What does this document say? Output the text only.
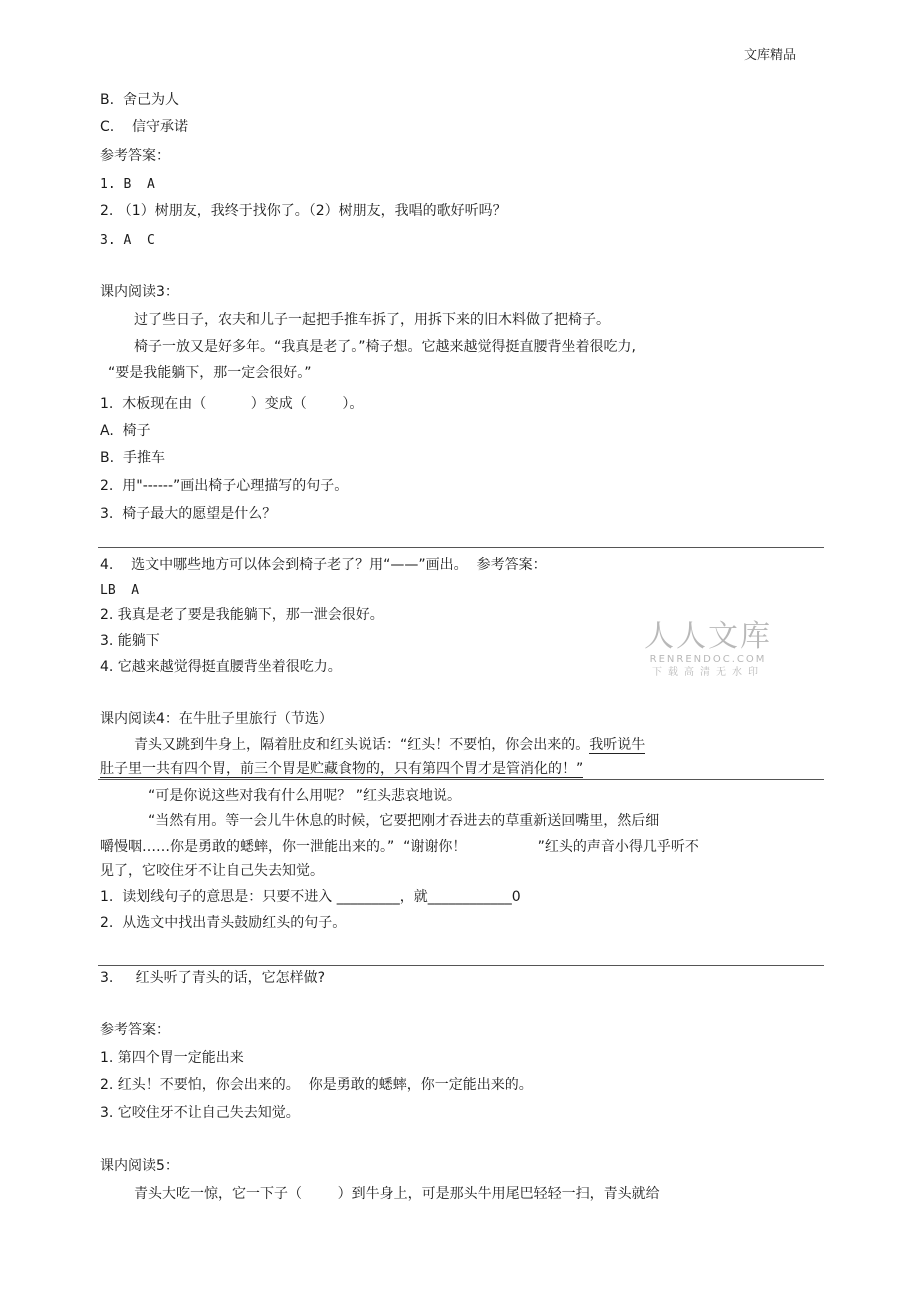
文库精品
B.  舍己为人
C.    信守承诺
参考答案：
1. B  A
2. （1）树朋友，我终于找你了。（2）树朋友，我唱的歌好听吗？
3. A  C
课内阅读3：
过了些日子，农夫和儿子一起把手推车拆了，用拆下来的旧木料做了把椅子。
椅子一放又是好多年。“我真是老了。”椅子想。它越来越觉得挺直腰背坐着很吃力,
“要是我能躺下，那一定会很好。”
1.  木板现在由（          ）变成（        ）。
A.  椅子
B.  手推车
2.  用"------”画出椅子心理描写的句子。
3.  椅子最大的愿望是什么？
4.    选文中哪些地方可以体会到椅子老了？用“——”画出。  参考答案：
LB  A
2. 我真是老了要是我能躺下，那一泄会很好。
3. 能躺下
4. 它越来越觉得挺直腰背坐着很吃力。
人人文库
RENRENDOC.COM
下载高清无水印
课内阅读4：在牛肚子里旅行（节选）
青头又跳到牛身上，隔着肚皮和红头说话：“红头！不要怕，你会出来的。我听说牛
肚子里一共有四个胃，前三个胃是贮藏食物的，只有第四个胃才是管消化的！”
“可是你说这些对我有什么用呢？ ”红头悲哀地说。
“当然有用。等一会儿牛休息的时候，它要把刚才吞进去的草重新送回嘴里，然后细
嚼慢咽……你是勇敢的蟋蟀，你一泄能出来的。”  “谢谢你！                ”红头的声音小得几乎听不
见了，它咬住牙不让自己失去知觉。
1.  读划线句子的意思是：只要不进入 _________，就____________0
2.  从选文中找出青头鼓励红头的句子。
3.     红头听了青头的话，它怎样做?
参考答案：
1. 第四个胃一定能出来
2. 红头！不要怕，你会出来的。  你是勇敢的蟋蟀，你一定能出来的。
3. 它咬住牙不让自己失去知觉。
课内阅读5：
青头大吃一惊，它一下子（        ）到牛身上，可是那头牛用尾巴轻轻一扫，青头就给
